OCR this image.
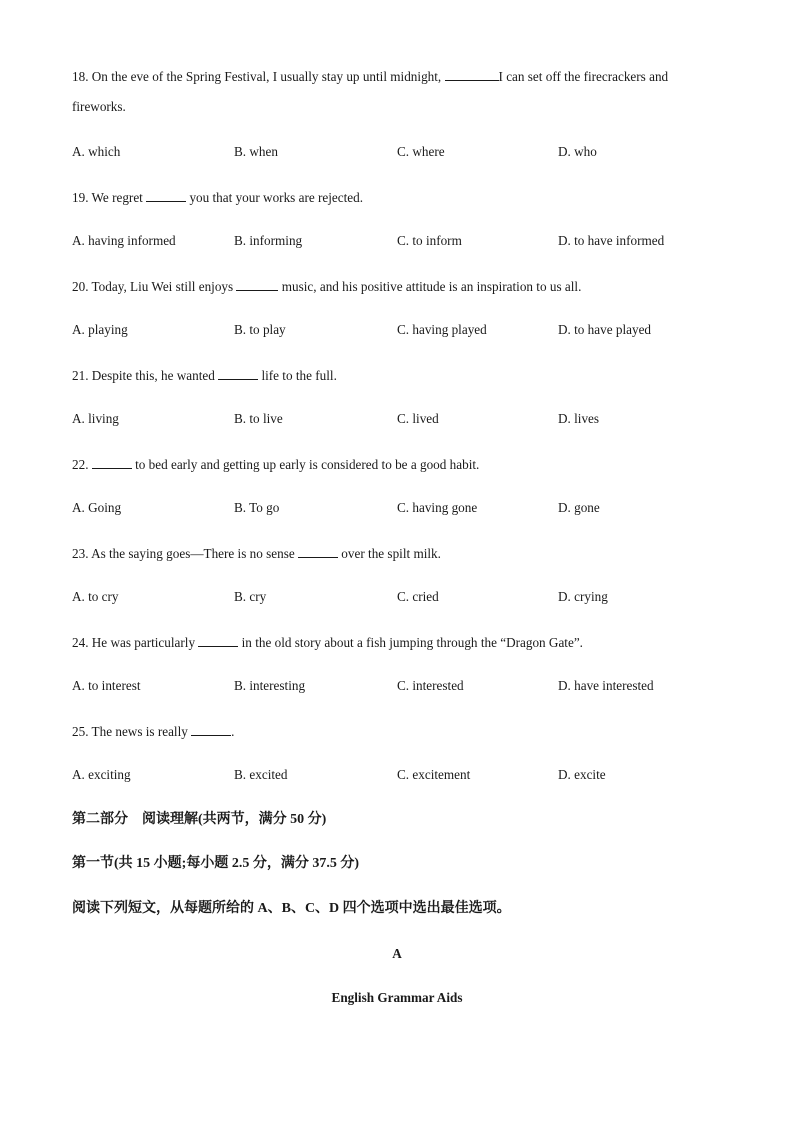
18. On the eve of the Spring Festival, I usually stay up until midnight,	I can set off the firecrackers and
fireworks.
A. which	B. when	C. where	D. who
19. We regret	you that your works are rejected.
A. having informed	B. informing	C. to inform	D. to have informed
20. Today, Liu Wei still enjoys	music, and his positive attitude is an inspiration to us all.
A. playing	B. to play	C. having played	D. to have played
21. Despite this, he wanted	life to the full.
A. living	B. to live	C. lived	D. lives
22.	to bed early and getting up early is considered to be a good habit.
A. Going	B. To go	C. having gone	D. gone
23. As the saying goes—There is no sense	over the spilt milk.
A. to cry	B. cry	C. cried	D. crying
24. He was particularly	in the old story about a fish jumping through the “Dragon Gate”.
A. to interest	B. interesting	C. interested	D. have interested
25. The news is really	.
A. exciting	B. excited	C. excitement	D. excite
第二部分　阅读理解(共两节，满分 50 分)
第一节(共 15 小题;每小题 2.5 分，满分 37.5 分)
阅读下列短文，从每题所给的 A、B、C、D 四个选项中选出最佳选项。
A
English Grammar Aids
